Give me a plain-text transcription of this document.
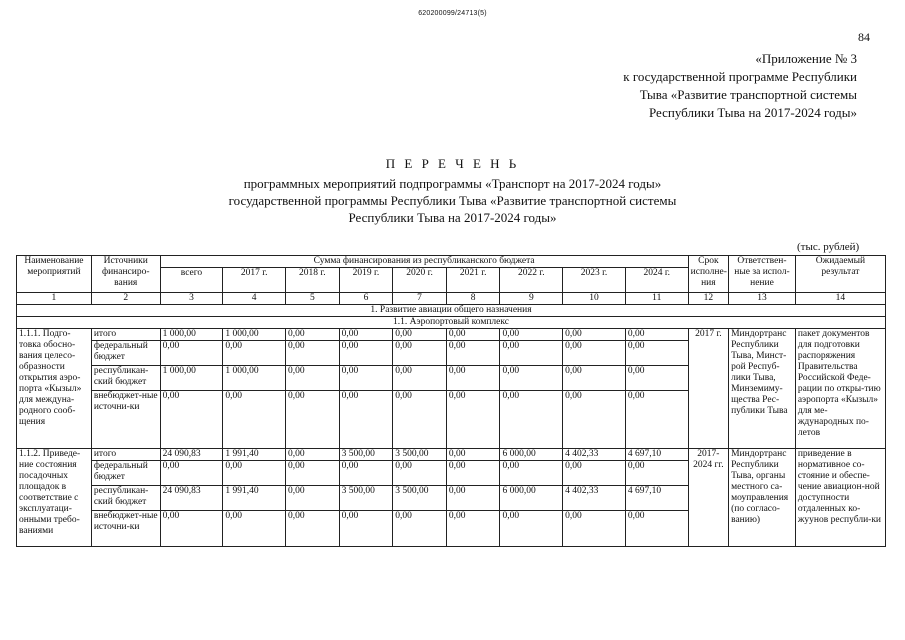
620200099/24713(5)
84
«Приложение № 3
к государственной программе Республики
Тыва «Развитие транспортной системы
Республики Тыва на 2017-2024 годы»
П Е Р Е Ч Е Н Ь
программных мероприятий подпрограммы «Транспорт на 2017-2024 годы»
государственной программы Республики Тыва «Развитие транспортной системы
Республики Тыва на 2017-2024 годы»
(тыс. рублей)
Наименование мероприятий	Источники финансиро-вания	Сумма финансирования из республиканского бюджета									Срок исполне-ния	Ответствен-ные за испол-нение	Ожидаемый результат
		всего	2017 г.	2018 г.	2019 г.	2020 г.	2021 г.	2022 г.	2023 г.	2024 г.			
1	2	3	4	5	6	7	8	9	10	11	12	13	14
1. Развитие авиации общего назначения													
1.1. Аэропортовый комплекс													
1.1.1. Подго-товка обосно-вания целесо-образности открытия аэро-порта «Кызыл» для междуна-родного сооб-щения	итого	1 000,00	1 000,00	0,00	0,00	0,00	0,00	0,00	0,00	0,00	2017 г.	Миндортранс Республики Тыва, Минст-рой Респуб-лики Тыва, Минземиму-щества Рес-публики Тыва	пакет документов для подготовки распоряжения Правительства Российской Феде-рации по откры-тию аэропорта «Кызыл» для ме-ждународных по-летов
	федеральный бюджет	0,00	0,00	0,00	0,00	0,00	0,00	0,00	0,00	0,00			
	республикан-ский бюджет	1 000,00	1 000,00	0,00	0,00	0,00	0,00	0,00	0,00	0,00			
	внебюджет-ные источни-ки	0,00	0,00	0,00	0,00	0,00	0,00	0,00	0,00	0,00			
1.1.2. Приведе-ние состояния посадочных площадок в соответствие с эксплуатаци-онными требо-ваниями	итого	24 090,83	1 991,40	0,00	3 500,00	3 500,00	0,00	6 000,00	4 402,33	4 697,10	2017-2024 гг.	Миндортранс Республики Тыва, органы местного са-моуправления (по согласо-ванию)	приведение в нормативное со-стояние и обеспе-чение авиацион-ной доступности отдаленных ко-жуунов республи-ки
	федеральный бюджет	0,00	0,00	0,00	0,00	0,00	0,00	0,00	0,00	0,00			
	республикан-ский бюджет	24 090,83	1 991,40	0,00	3 500,00	3 500,00	0,00	6 000,00	4 402,33	4 697,10			
	внебюджет-ные источни-ки	0,00	0,00	0,00	0,00	0,00	0,00	0,00	0,00	0,00			
